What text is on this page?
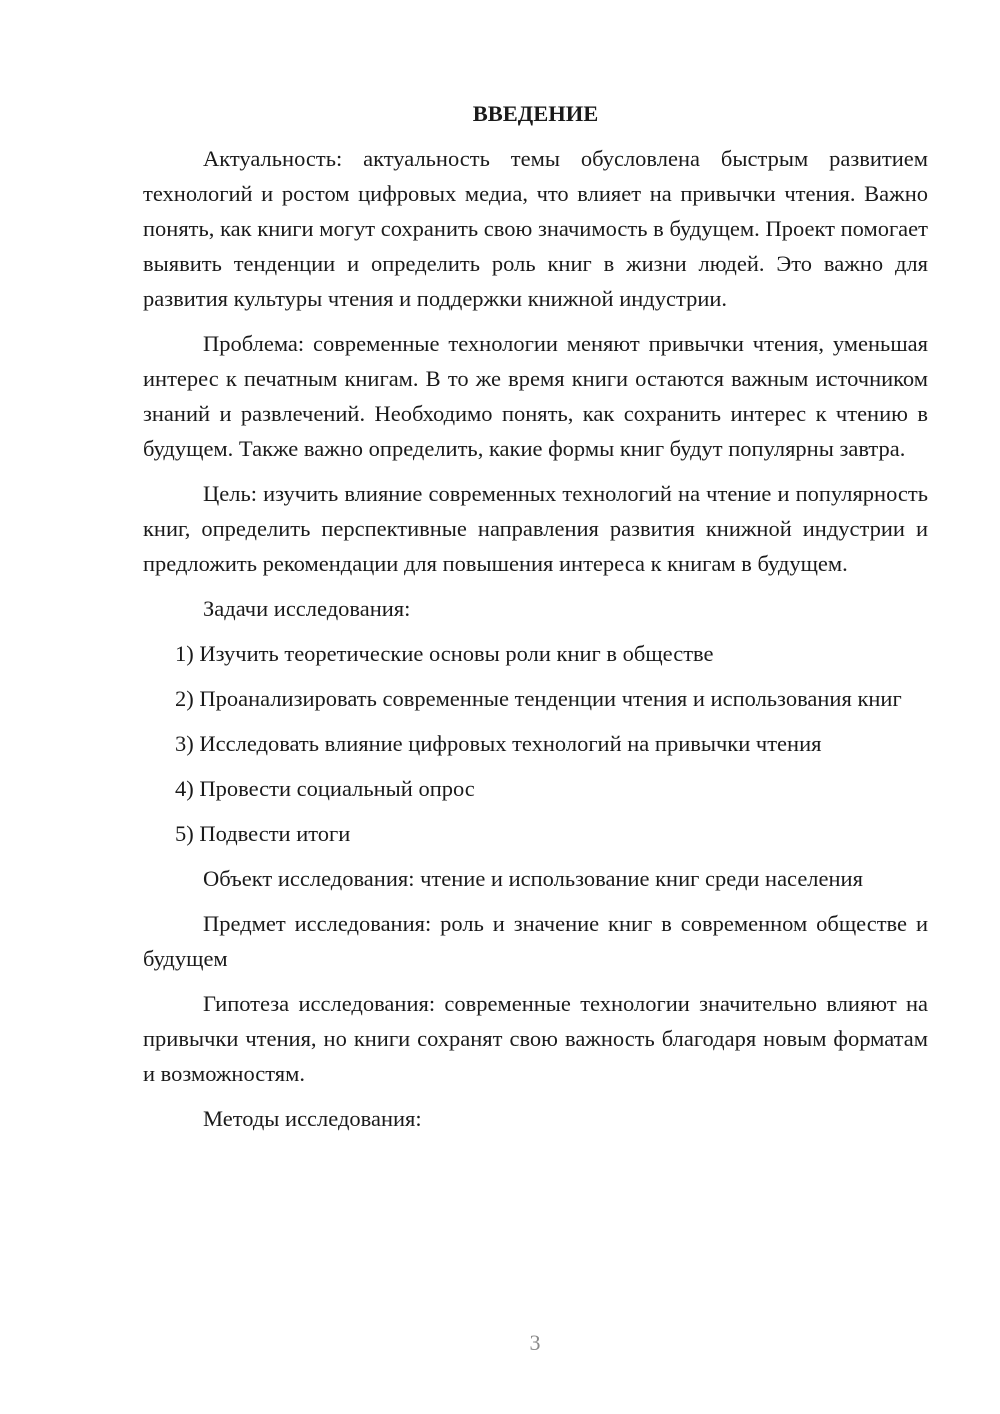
ВВЕДЕНИЕ
Актуальность: актуальность темы обусловлена быстрым развитием технологий и ростом цифровых медиа, что влияет на привычки чтения. Важно понять, как книги могут сохранить свою значимость в будущем. Проект помогает выявить тенденции и определить роль книг в жизни людей. Это важно для развития культуры чтения и поддержки книжной индустрии.
Проблема: современные технологии меняют привычки чтения, уменьшая интерес к печатным книгам. В то же время книги остаются важным источником знаний и развлечений. Необходимо понять, как сохранить интерес к чтению в будущем. Также важно определить, какие формы книг будут популярны завтра.
Цель: изучить влияние современных технологий на чтение и популярность книг, определить перспективные направления развития книжной индустрии и предложить рекомендации для повышения интереса к книгам в будущем.
Задачи исследования:
1) Изучить теоретические основы роли книг в обществе
2) Проанализировать современные тенденции чтения и использования книг
3) Исследовать влияние цифровых технологий на привычки чтения
4) Провести социальный опрос
5) Подвести итоги
Объект исследования: чтение и использование книг среди населения
Предмет исследования: роль и значение книг в современном обществе и будущем
Гипотеза исследования: современные технологии значительно влияют на привычки чтения, но книги сохранят свою важность благодаря новым форматам и возможностям.
Методы исследования:
3
